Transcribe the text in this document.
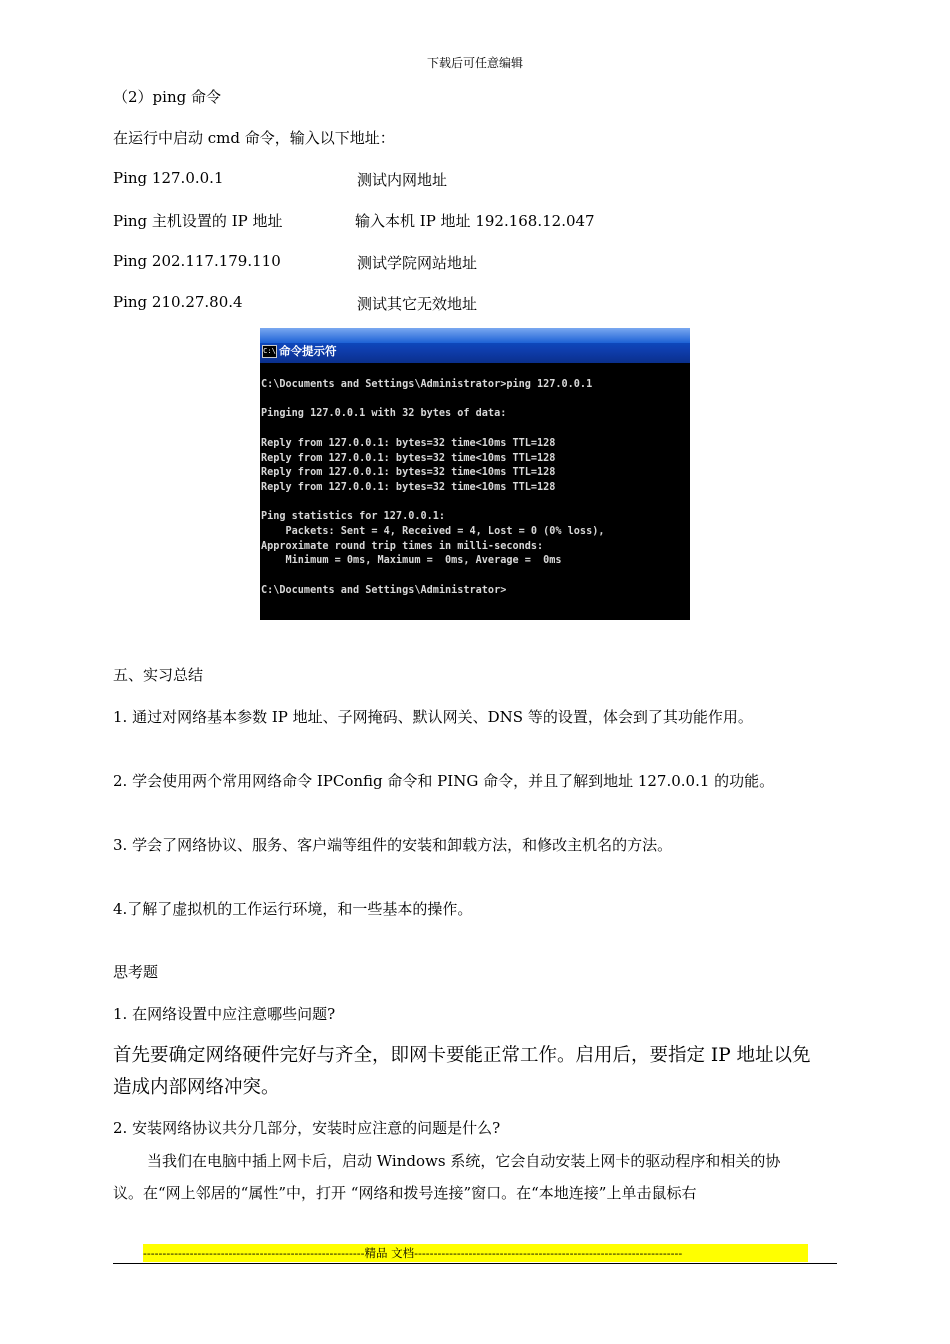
下载后可任意编辑
（2）ping 命令
在运行中启动 cmd 命令，输入以下地址：
Ping 127.0.0.1	测试内网地址
Ping 主机设置的 IP 地址	输入本机 IP 地址 192.168.12.047
Ping 202.117.179.110	测试学院网站地址
Ping 210.27.80.4	测试其它无效地址
C:\ 命令提示符
C:\Documents and Settings\Administrator>ping 127.0.0.1

Pinging 127.0.0.1 with 32 bytes of data:

Reply from 127.0.0.1: bytes=32 time<10ms TTL=128
Reply from 127.0.0.1: bytes=32 time<10ms TTL=128
Reply from 127.0.0.1: bytes=32 time<10ms TTL=128
Reply from 127.0.0.1: bytes=32 time<10ms TTL=128

Ping statistics for 127.0.0.1:
Packets: Sent = 4, Received = 4, Lost = 0 (0% loss),
Approximate round trip times in milli-seconds:
Minimum = 0ms, Maximum =  0ms, Average =  0ms

C:\Documents and Settings\Administrator>
五、实习总结
1. 通过对网络基本参数 IP 地址、子网掩码、默认网关、DNS 等的设置，体会到了其功能作用。
2. 学会使用两个常用网络命令 IPConfig 命令和 PING 命令，并且了解到地址 127.0.0.1 的功能。
3. 学会了网络协议、服务、客户端等组件的安装和卸载方法，和修改主机名的方法。
4.了解了虚拟机的工作运行环境，和一些基本的操作。
思考题
1. 在网络设置中应注意哪些问题?
首先要确定网络硬件完好与齐全，即网卡要能正常工作。启用后，要指定 IP 地址以免
造成内部网络冲突。
2. 安装网络协议共分几部分，安装时应注意的问题是什么?
当我们在电脑中插上网卡后，启动 Windows 系统，它会自动安装上网卡的驱动程序和相关的协
议。在“网上邻居的“属性”中，打开 “网络和拨号连接”窗口。在“本地连接”上单击鼠标右
---------------------------------------------------------精品 文档---------------------------------------------------------------------
